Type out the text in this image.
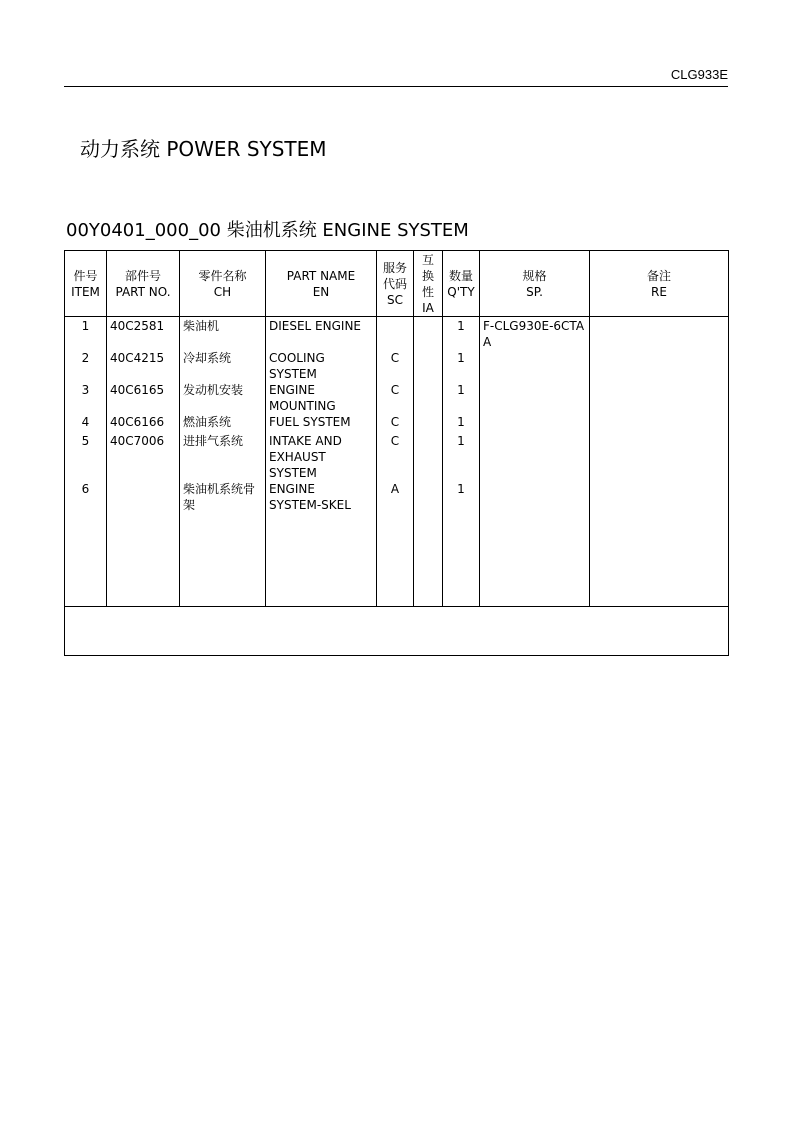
CLG933E
动力系统 POWER SYSTEM
00Y0401_000_00 柴油机系统 ENGINE SYSTEM
件号
ITEM
部件号
PART NO.
零件名称
CH
PART NAME
EN
服务
代码
SC
互
换
性
IA
数量
Q'TY
规格
SP.
备注
RE
1
2
3
4
5
6
40C2581
40C4215
40C6165
40C6166
40C7006
柴油机
冷却系统
发动机安装
燃油系统
进排气系统
柴油机系统骨
架
DIESEL ENGINE
COOLING
SYSTEM
ENGINE
MOUNTING
FUEL SYSTEM
INTAKE AND
EXHAUST
SYSTEM
ENGINE
SYSTEM-SKEL
C
C
C
C
A
1
1
1
1
1
1
F-CLG930E-6CTA
A
